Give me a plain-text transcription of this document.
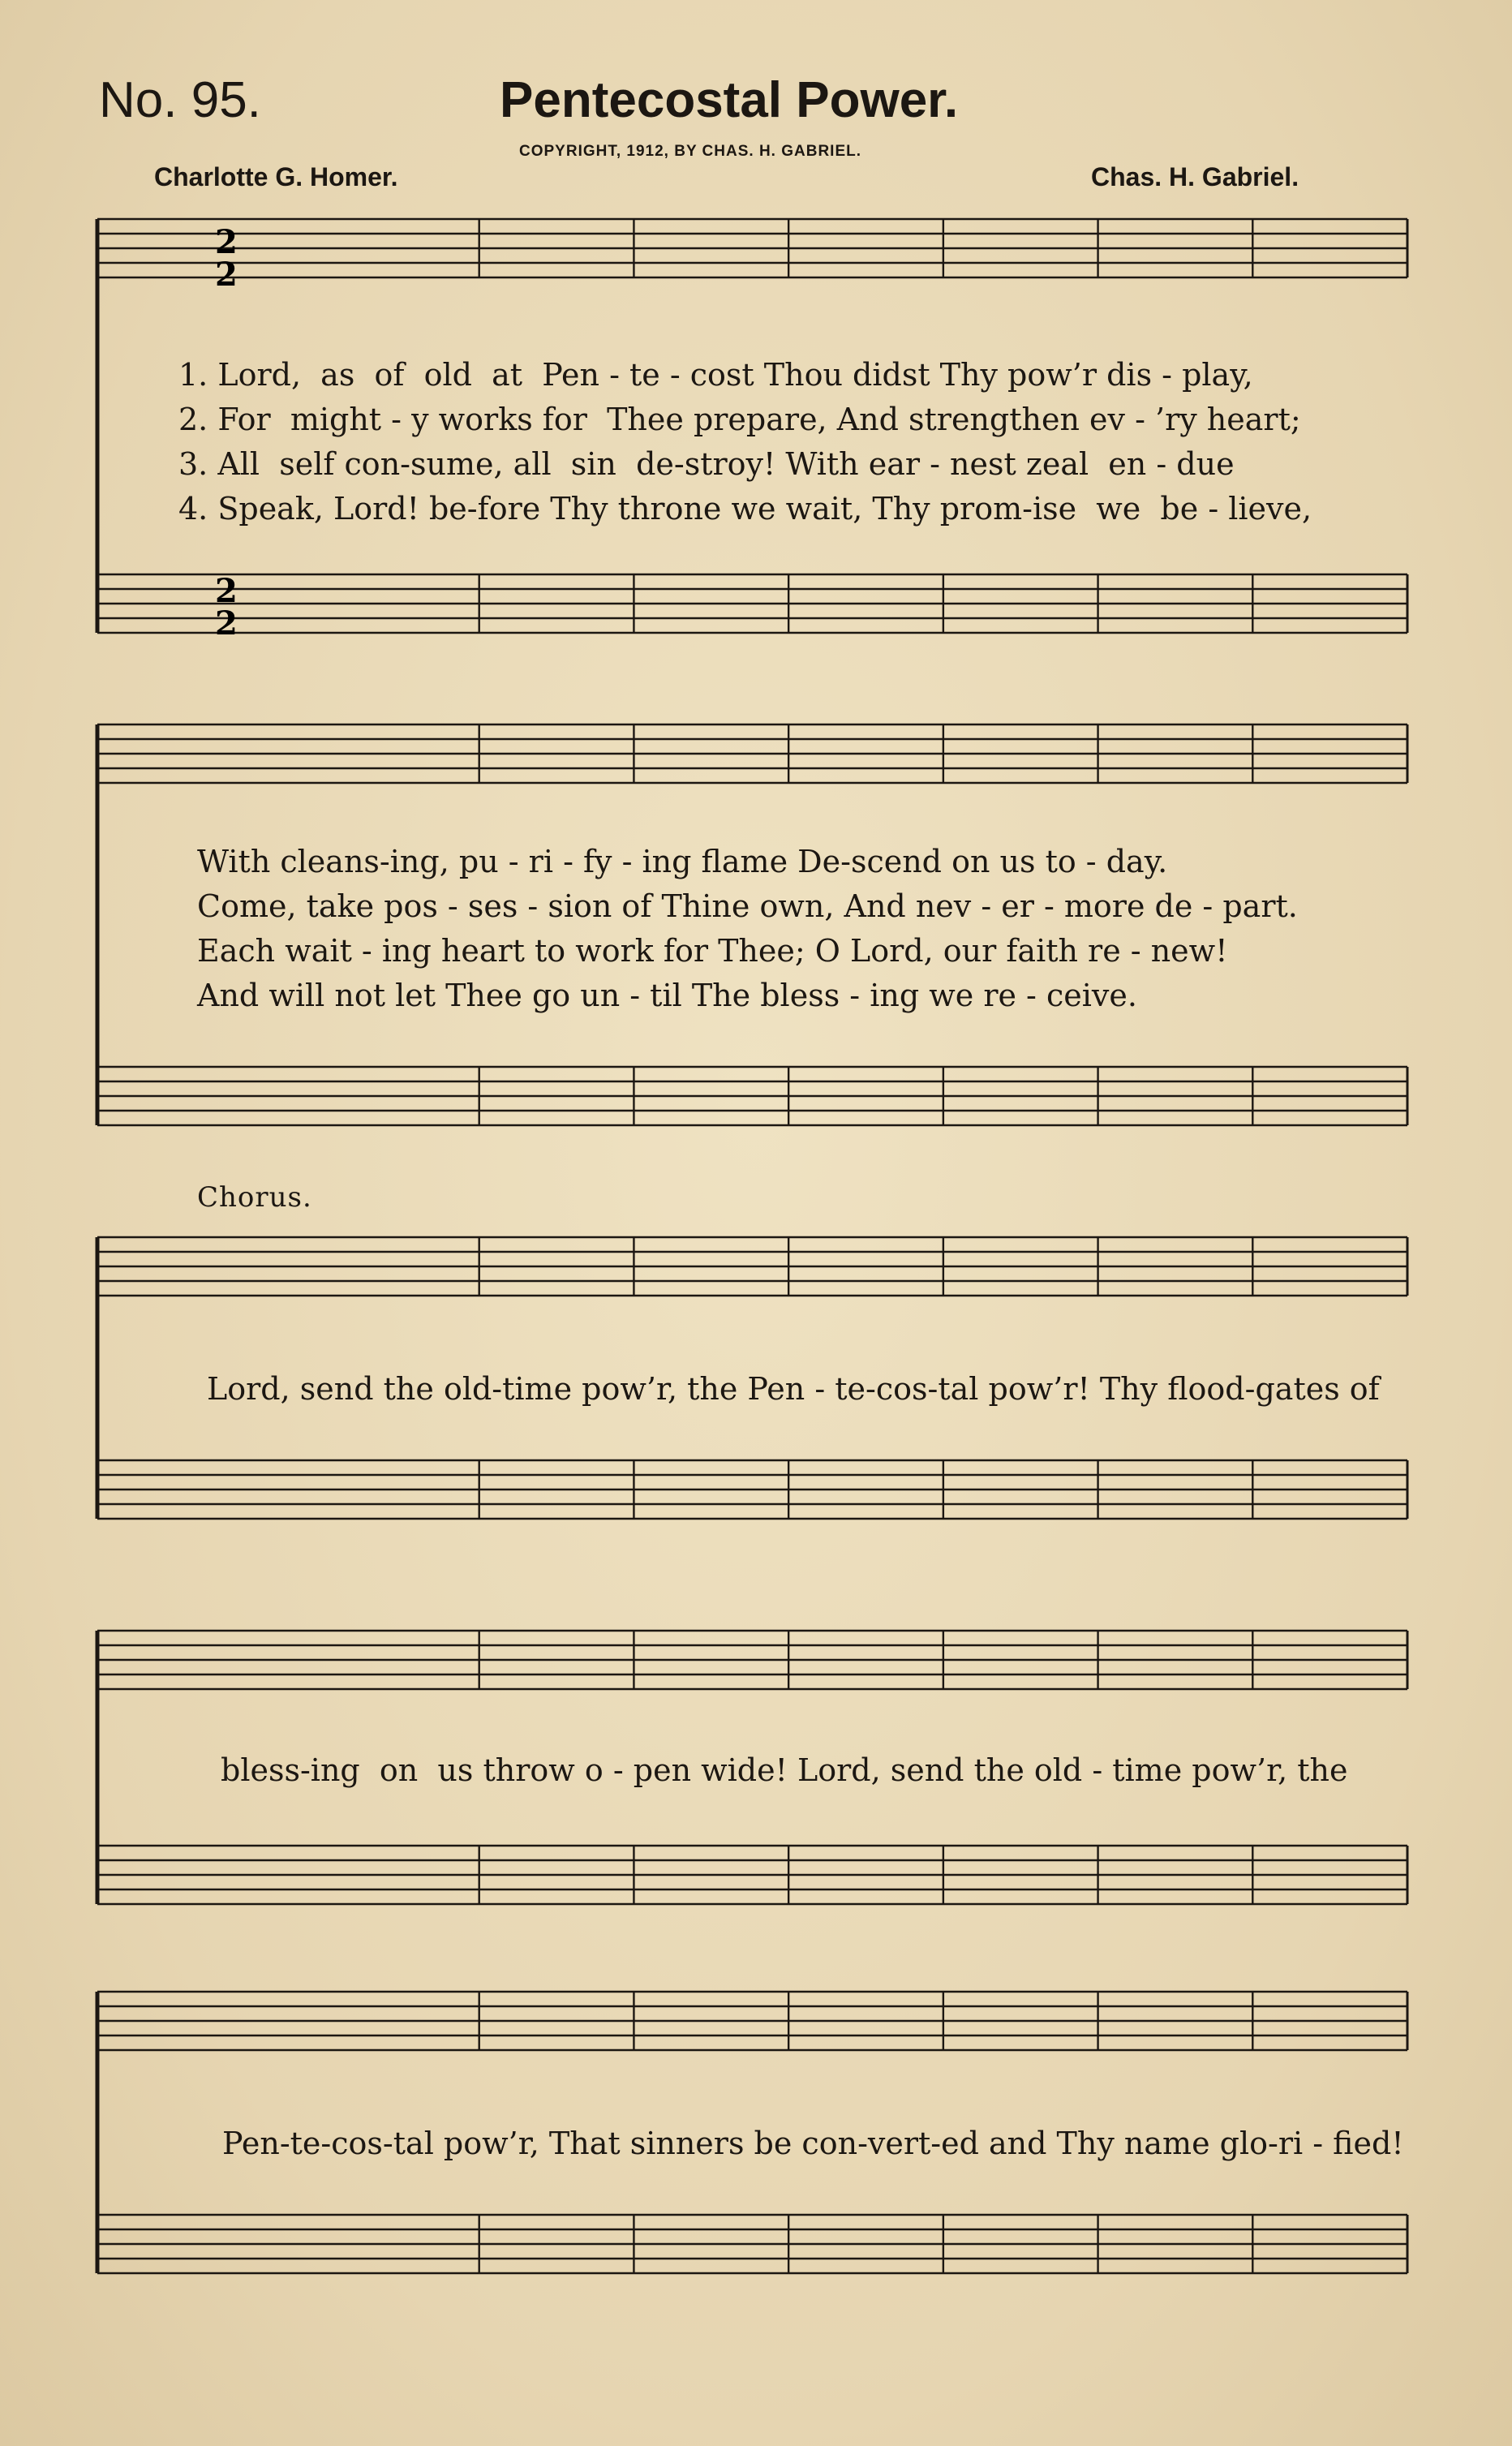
No. 95.	Pentecostal Power.
COPYRIGHT, 1912, BY CHAS. H. GABRIEL.
Charlotte G. Homer.	Chas. H. Gabriel.
2
2
2
2
1. Lord,  as  of  old  at  Pen - te - cost Thou didst Thy pow’r dis - play,
2. For  might - y works for  Thee prepare, And strengthen ev - ’ry heart;
3. All  self con-sume, all  sin  de-stroy! With ear - nest zeal  en - due
4. Speak, Lord! be-fore Thy throne we wait, Thy prom-ise  we  be - lieve,
With cleans-ing, pu - ri - fy - ing flame De-scend on us to - day.
Come, take pos - ses - sion of Thine own, And nev - er - more de - part.
Each wait - ing heart to work for Thee; O Lord, our faith re - new!
And will not let Thee go un - til The bless - ing we re - ceive.
Chorus.
Lord, send the old-time pow’r, the Pen - te-cos-tal pow’r! Thy flood-gates of
bless-ing  on  us throw o - pen wide! Lord, send the old - time pow’r, the
Pen-te-cos-tal pow’r, That sinners be con-vert-ed and Thy name glo-ri - fied!
